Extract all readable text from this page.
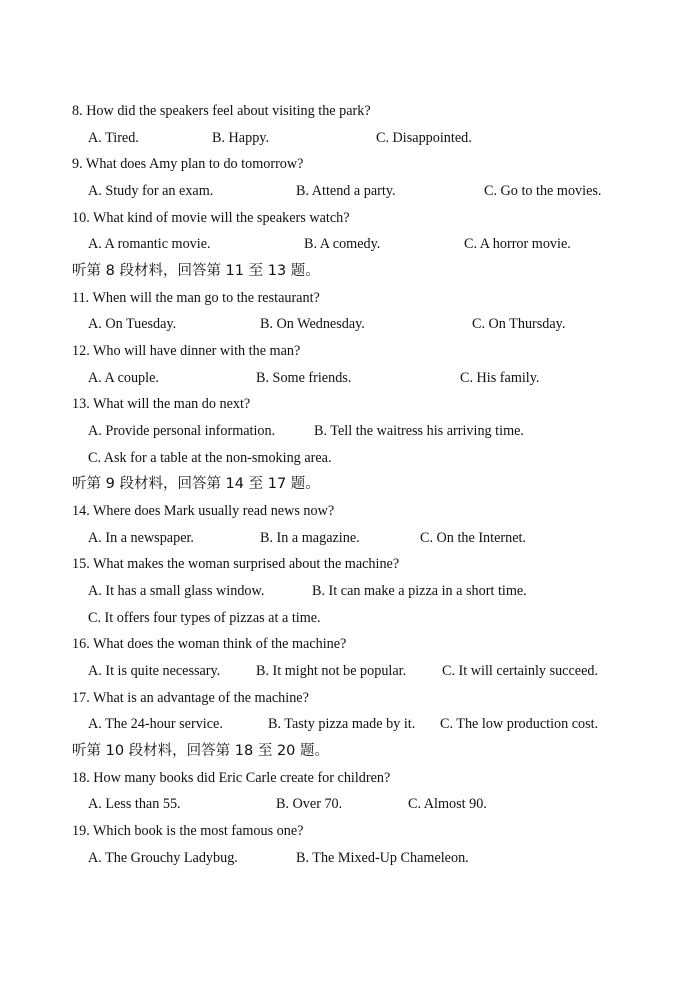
8. How did the speakers feel about visiting the park?
A. Tired.	B. Happy.	C. Disappointed.
9. What does Amy plan to do tomorrow?
A. Study for an exam.	B. Attend a party.	C. Go to the movies.
10. What kind of movie will the speakers watch?
A. A romantic movie.	B. A comedy.	C. A horror movie.
听第 8 段材料，回答第 11 至 13 题。
11. When will the man go to the restaurant?
A. On Tuesday.	B. On Wednesday.	C. On Thursday.
12. Who will have dinner with the man?
A. A couple.	B. Some friends.	C. His family.
13. What will the man do next?
A. Provide personal information.	B. Tell the waitress his arriving time.
C. Ask for a table at the non-smoking area.
听第 9 段材料，回答第 14 至 17 题。
14. Where does Mark usually read news now?
A. In a newspaper.	B. In a magazine.	C. On the Internet.
15. What makes the woman surprised about the machine?
A. It has a small glass window.	B. It can make a pizza in a short time.
C. It offers four types of pizzas at a time.
16. What does the woman think of the machine?
A. It is quite necessary.	B. It might not be popular.	C. It will certainly succeed.
17. What is an advantage of the machine?
A. The 24-hour service.	B. Tasty pizza made by it. C. The low production cost.
听第 10 段材料，回答第 18 至 20 题。
18. How many books did Eric Carle create for children?
A. Less than 55.	B. Over 70.	C. Almost 90.
19. Which book is the most famous one?
A. The Grouchy Ladybug.	B. The Mixed-Up Chameleon.
